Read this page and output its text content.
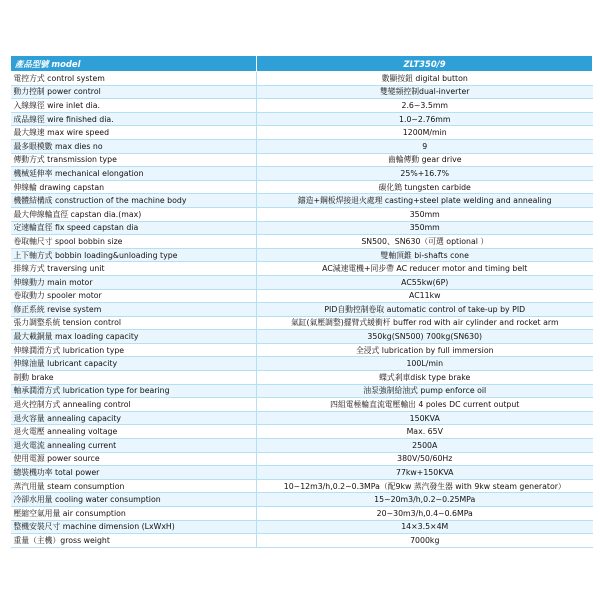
產品型號 model	ZLT350/9
電控方式 control system	數顯按鈕 digital button
動力控制 power control	雙變頻控制dual-inverter
入線線徑 wire inlet dia.	2.6~3.5mm
成品線徑 wire finished dia.	1.0~2.76mm
最大線速 max wire speed	1200M/min
最多眼模數 max dies no	9
傳動方式 transmission type	齒輪傳動 gear drive
機械延伸率 mechanical elongation	25%+16.7%
伸線輪 drawing capstan	碳化鎢 tungsten carbide
機體結構成 construction of the machine body	鑄造+鋼板焊接退火處理 casting+steel plate welding and annealing
最大伸線輪直徑 capstan dia.(max)	350mm
定速輪直徑 fix speed capstan dia	350mm
卷取軸尺寸 spool bobbin size	SN500、SN630（可選 optional ）
上下軸方式 bobbin loading&unloading type	雙軸頂錐 bi-shafts cone
排線方式 traversing unit	AC減速電機+同步帶 AC reducer motor and timing belt
伸線動力 main motor	AC55kw(6P)
卷取動力 spooler motor	AC11kw
修正系統 revise system	PID自動控制卷取 automatic control of take-up by PID
張力調整系統 tension control	氣缸(氣壓調整)擺臂式緩衝杆 buffer rod with air cylinder and rocket arm
最大載銅量 max loading capacity	350kg(SN500) 700kg(SN630)
伸線潤滑方式 lubrication type	全浸式 lubrication by full immersion
伸線油量 lubricant capacity	100L/min
制動 brake	蝶式剎車disk type brake
軸承潤滑方式 lubrication type for bearing	油泵強制給油式 pump enforce oil
退火控制方式 annealing control	四組電極輪直流電壓輸出 4 poles DC current output
退火容量 annealing capacity	150KVA
退火電壓 annealing voltage	Max. 65V
退火電流 annealing current	2500A
使用電源 power source	380V/50/60Hz
總裝機功率 total power	77kw+150KVA
蒸汽用量 steam consumption	10~12m3/h,0.2~0.3MPa（配9kw 蒸汽發生器 with 9kw steam generator）
冷卻水用量 cooling water consumption	15~20m3/h,0.2~0.25MPa
壓縮空氣用量 air consumption	20~30m3/h,0.4~0.6MPa
整機安裝尺寸 machine dimension (LxWxH)	14×3.5×4M
重量（主機）gross weight	7000kg
